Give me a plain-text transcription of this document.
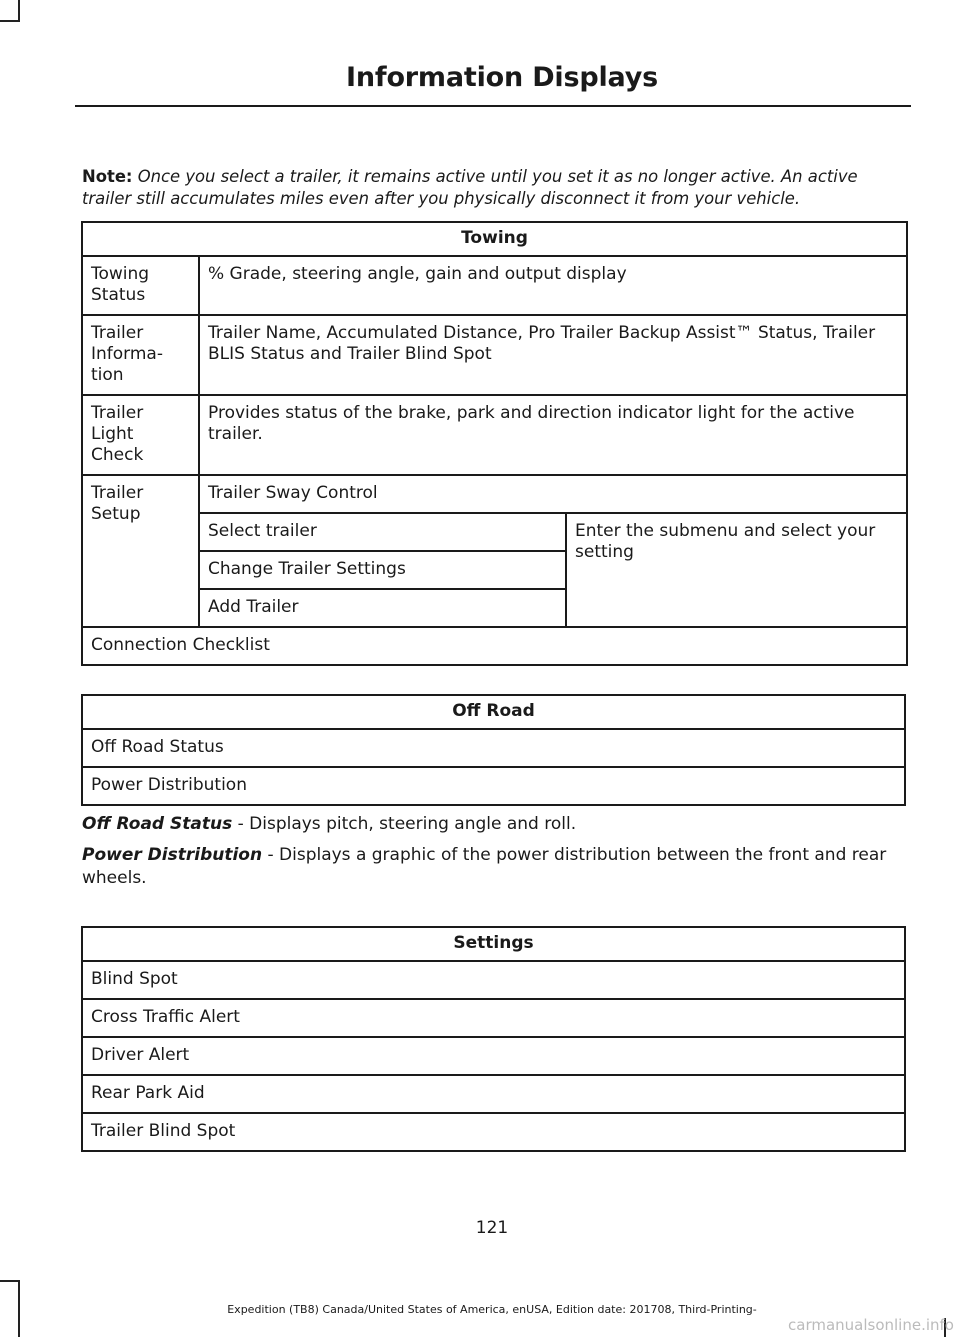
Information Displays
Note: Once you select a trailer, it remains active until you set it as no longer active. An active trailer still accumulates miles even after you physically disconnect it from your vehicle.
Towing		
Towing Status	% Grade, steering angle, gain and output display	
Trailer Informa- tion	Trailer Name, Accumulated Distance, Pro Trailer Backup Assist™ Status, Trailer BLIS Status and Trailer Blind Spot	
Trailer Light Check	Provides status of the brake, park and direction indicator light for the active trailer.	
Trailer Setup	Trailer Sway Control	
	Select trailer	Enter the submenu and select your setting
	Change Trailer Settings	
	Add Trailer	
Connection Checklist		
Off Road
Off Road Status
Power Distribution
Off Road Status - Displays pitch, steering angle and roll.
Power Distribution - Displays a graphic of the power distribution between the front and rear wheels.
Settings
Blind Spot
Cross Traffic Alert
Driver Alert
Rear Park Aid
Trailer Blind Spot
121
Expedition (TB8) Canada/United States of America, enUSA, Edition date: 201708, Third-Printing-
carmanualsonline.info
